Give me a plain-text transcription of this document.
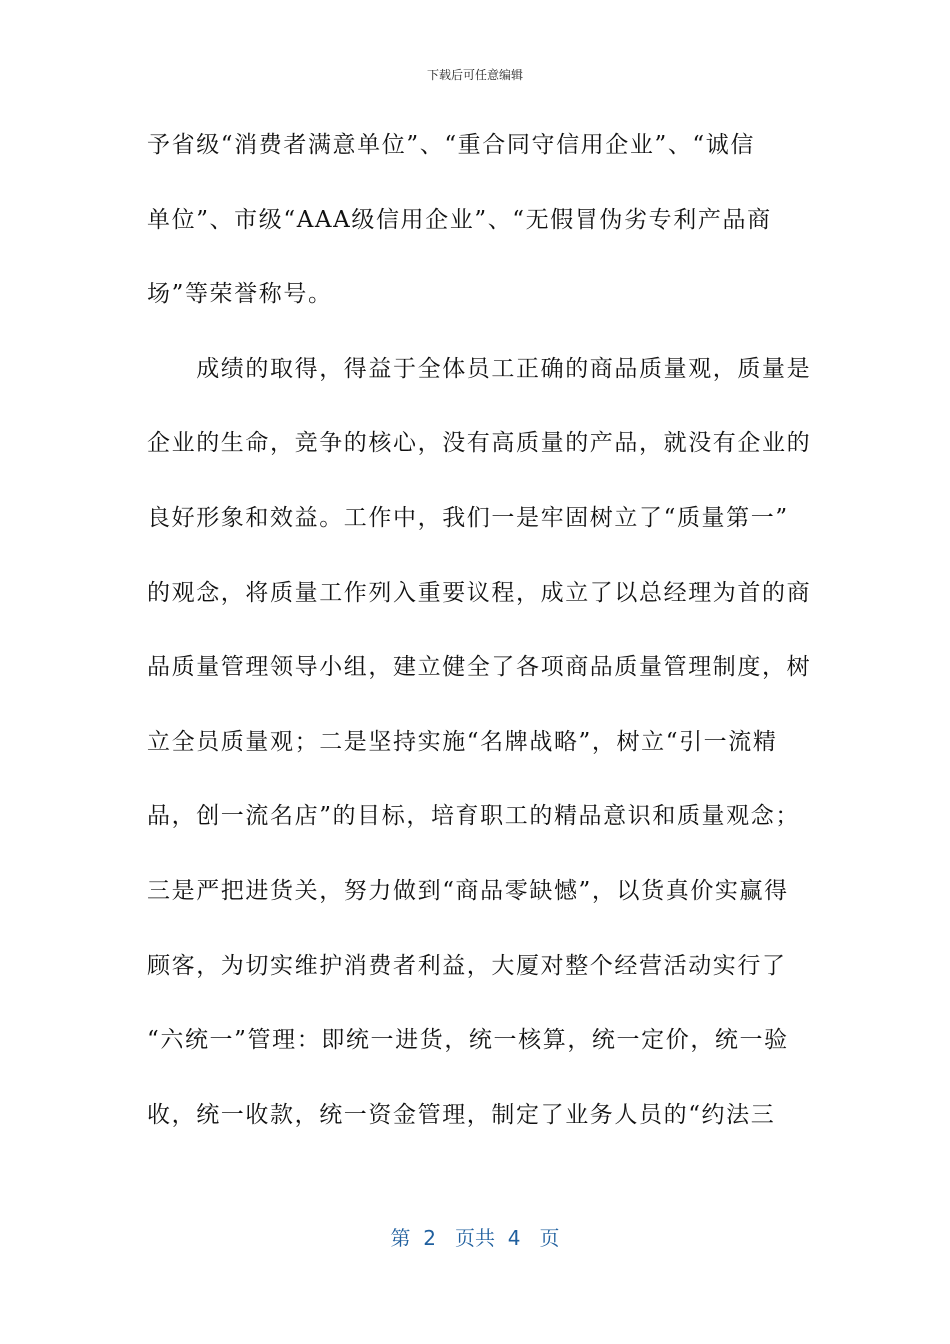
下载后可任意编辑
予省级“消费者满意单位”、“重合同守信用企业”、“诚信
单位”、市级“AAA级信用企业”、“无假冒伪劣专利产品商
场”等荣誉称号。
　　成绩的取得，得益于全体员工正确的商品质量观，质量是
企业的生命，竞争的核心，没有高质量的产品，就没有企业的
良好形象和效益。工作中，我们一是牢固树立了“质量第一”
的观念，将质量工作列入重要议程，成立了以总经理为首的商
品质量管理领导小组，建立健全了各项商品质量管理制度，树
立全员质量观；二是坚持实施“名牌战略”，树立“引一流精
品，创一流名店”的目标，培育职工的精品意识和质量观念；
三是严把进货关，努力做到“商品零缺憾”，以货真价实赢得
顾客，为切实维护消费者利益，大厦对整个经营活动实行了
“六统一”管理：即统一进货，统一核算，统一定价，统一验
收，统一收款，统一资金管理，制定了业务人员的“约法三
第  2   页共  4   页
